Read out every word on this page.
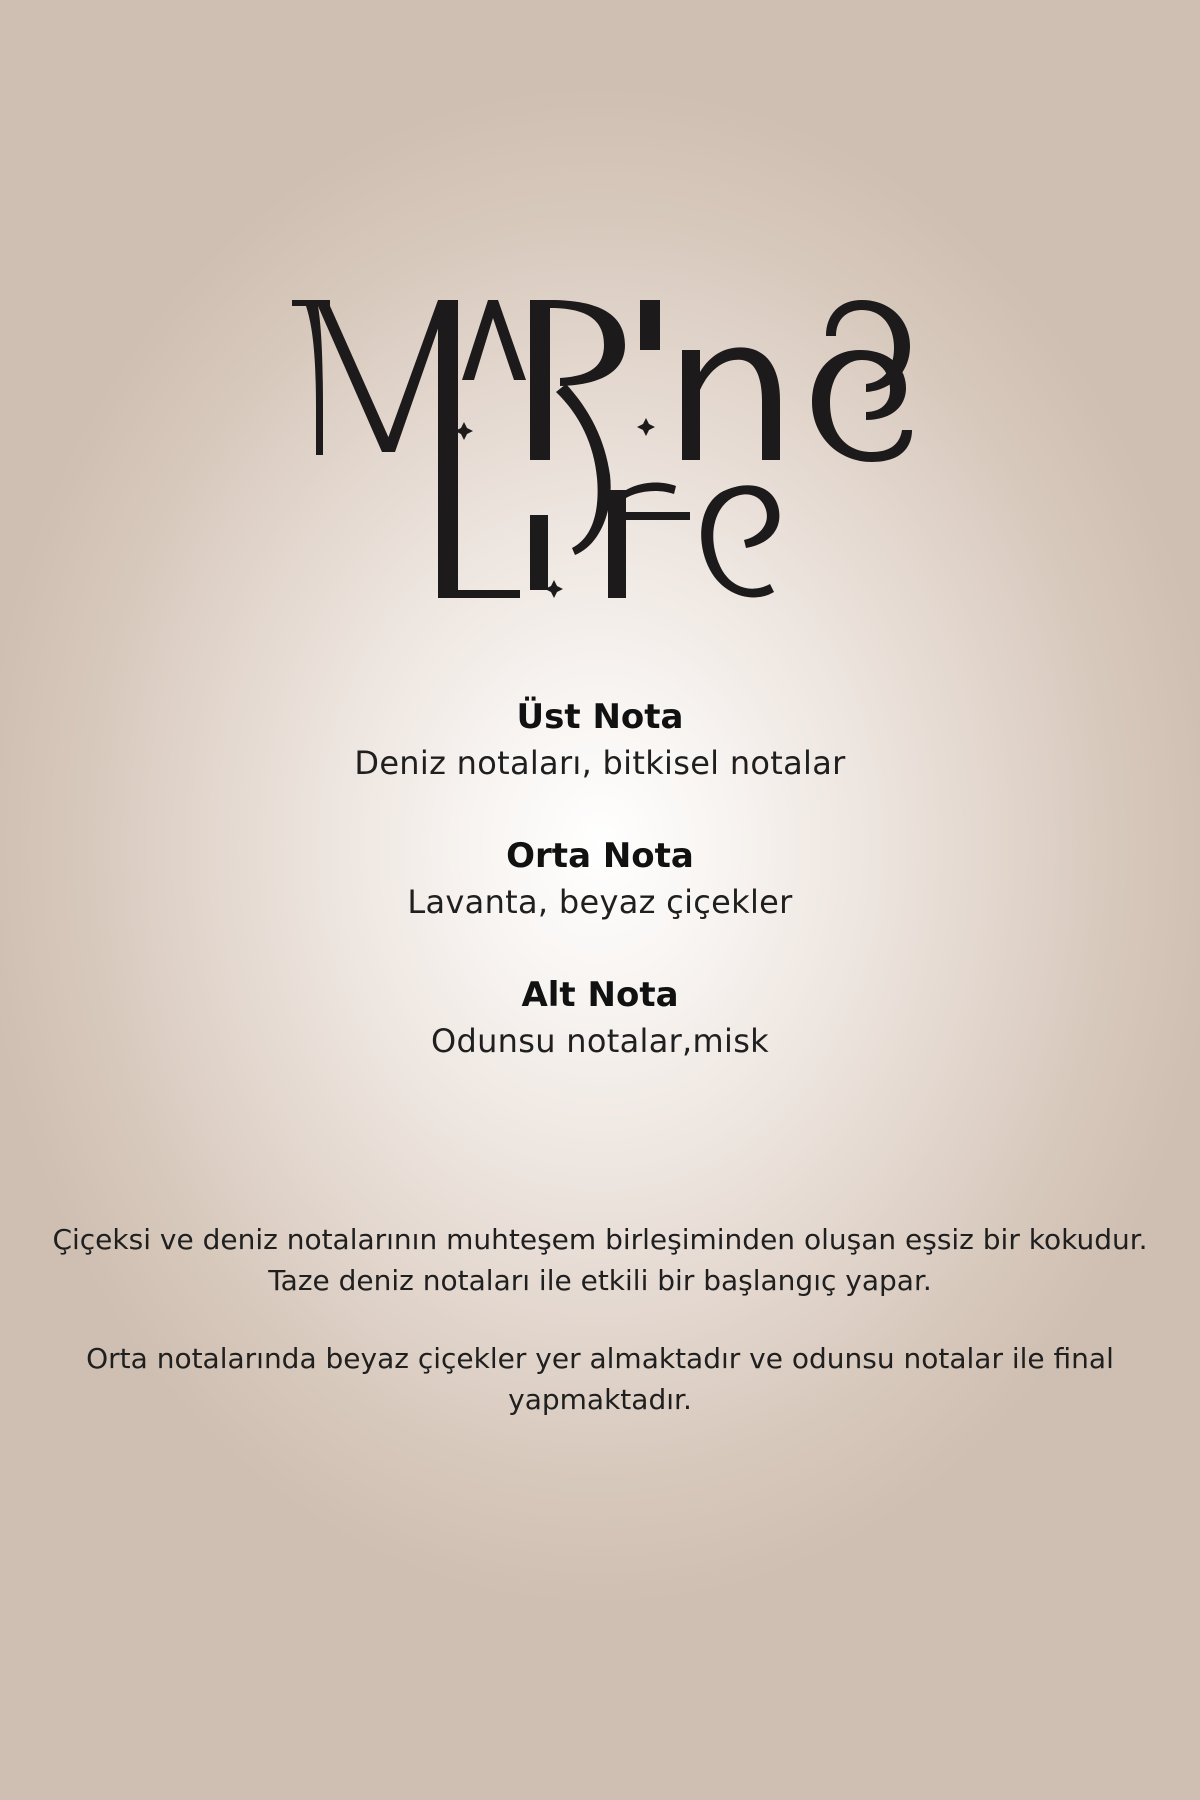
Üst Nota
Deniz notaları, bitkisel notalar
Orta Nota
Lavanta, beyaz çiçekler
Alt Nota
Odunsu notalar,misk
Çiçeksi ve deniz notalarının muhteşem birleşiminden oluşan eşsiz bir kokudur. Taze deniz notaları ile etkili bir başlangıç yapar.
Orta notalarında beyaz çiçekler yer almaktadır ve odunsu notalar ile final yapmaktadır.
